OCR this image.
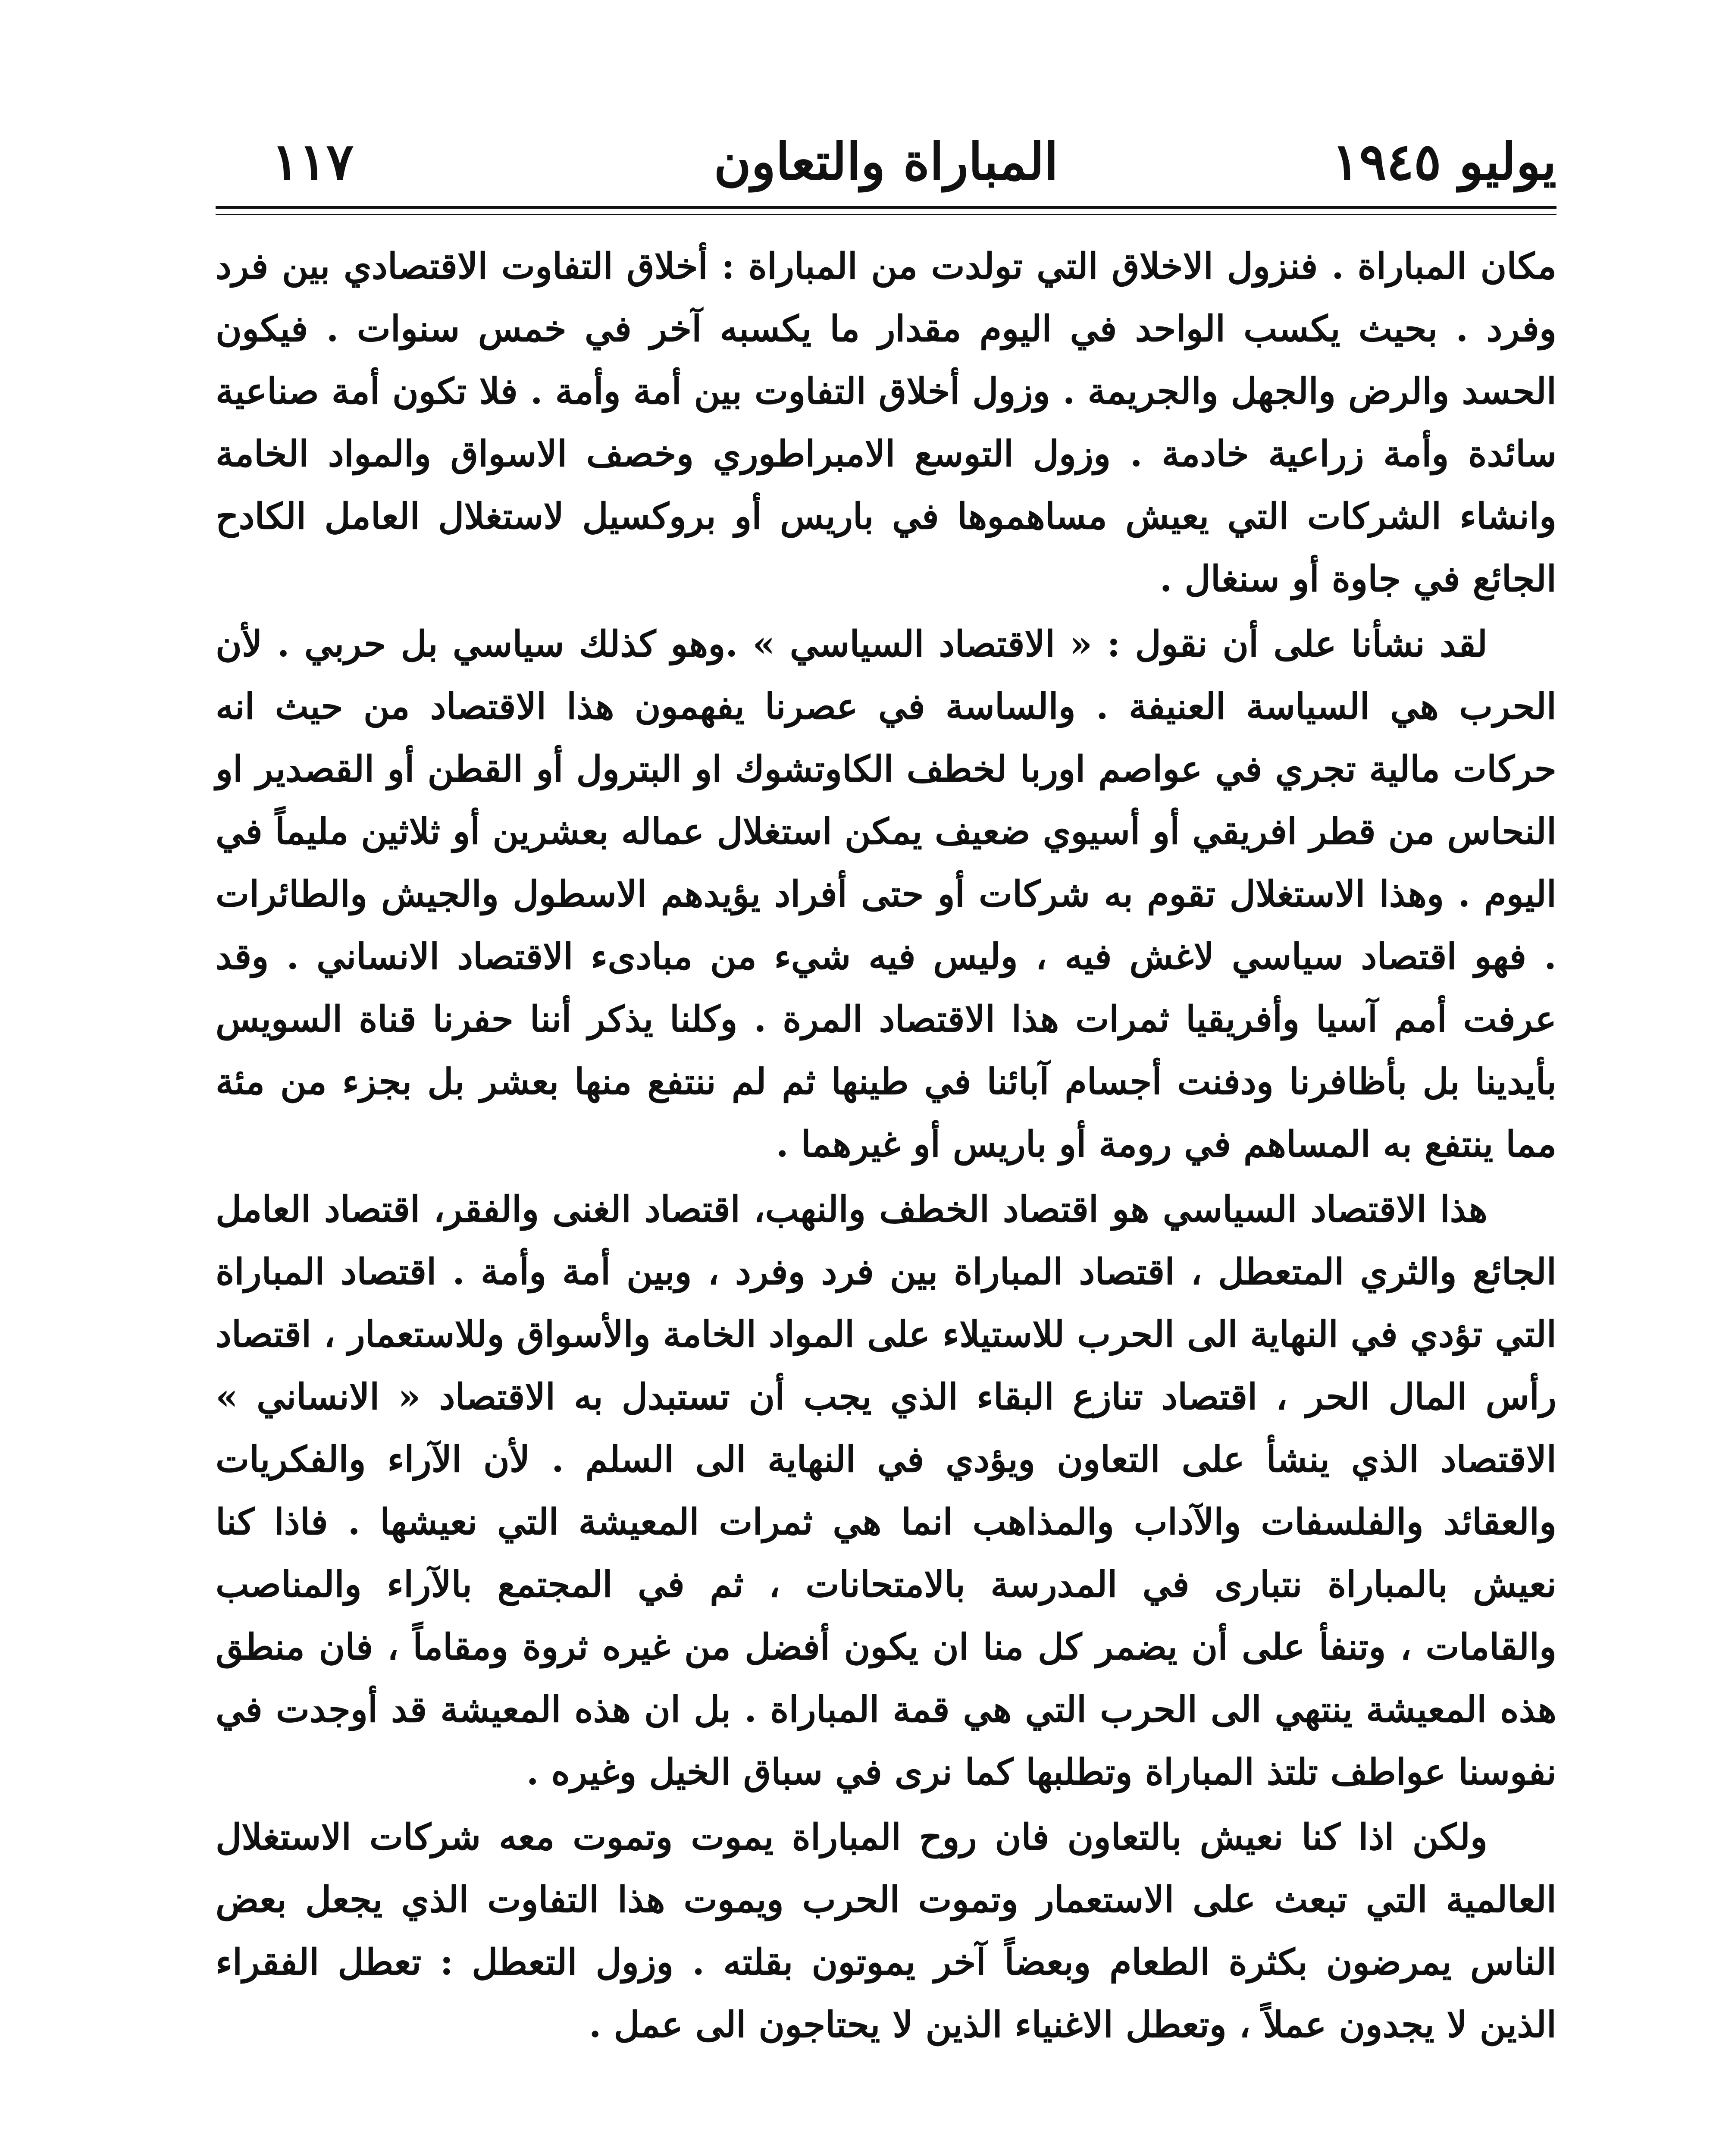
يوليو ١٩٤٥
المباراة والتعاون
١١٧

مكان المباراة . فنزول الاخلاق التي تولدت من المباراة : أخلاق التفاوت الاقتصادي بين فرد وفرد . بحيث يكسب الواحد في اليوم مقدار ما يكسبه آخر في خمس سنوات . فيكون الحسد والرض والجهل والجريمة . وزول أخلاق التفاوت بين أمة وأمة . فلا تكون أمة صناعية سائدة وأمة زراعية خادمة . وزول التوسع الامبراطوري وخصف الاسواق والمواد الخامة وانشاء الشركات التي يعيش مساهموها في باريس أو بروكسيل لاستغلال العامل الكادح الجائع في جاوة أو سنغال .

لقد نشأنا على أن نقول : « الاقتصاد السياسي » .وهو كذلك سياسي بل حربي . لأن الحرب هي السياسة العنيفة . والساسة في عصرنا يفهمون هذا الاقتصاد من حيث انه حركات مالية تجري في عواصم اوربا لخطف الكاوتشوك او البترول أو القطن أو القصدير او النحاس من قطر افريقي أو أسيوي ضعيف يمكن استغلال عماله بعشرين أو ثلاثين مليماً في اليوم . وهذا الاستغلال تقوم به شركات أو حتى أفراد يؤيدهم الاسطول والجيش والطائرات . فهو اقتصاد سياسي لاغش فيه ، وليس فيه شيء من مبادىء الاقتصاد الانساني . وقد عرفت أمم آسيا وأفريقيا ثمرات هذا الاقتصاد المرة . وكلنا يذكر أننا حفرنا قناة السويس بأيدينا بل بأظافرنا ودفنت أجسام آبائنا في طينها ثم لم ننتفع منها بعشر بل بجزء من مئة مما ينتفع به المساهم في رومة أو باريس أو غيرهما .

هذا الاقتصاد السياسي هو اقتصاد الخطف والنهب، اقتصاد الغنى والفقر، اقتصاد العامل الجائع والثري المتعطل ، اقتصاد المباراة بين فرد وفرد ، وبين أمة وأمة . اقتصاد المباراة التي تؤدي في النهاية الى الحرب للاستيلاء على المواد الخامة والأسواق وللاستعمار ، اقتصاد رأس المال الحر ، اقتصاد تنازع البقاء الذي يجب أن تستبدل به الاقتصاد « الانساني » الاقتصاد الذي ينشأ على التعاون ويؤدي في النهاية الى السلم . لأن الآراء والفكريات والعقائد والفلسفات والآداب والمذاهب انما هي ثمرات المعيشة التي نعيشها . فاذا كنا نعيش بالمباراة نتبارى في المدرسة بالامتحانات ، ثم في المجتمع بالآراء والمناصب والقامات ، وتنفأ على أن يضمر كل منا ان يكون أفضل من غيره ثروة ومقاماً ، فان منطق هذه المعيشة ينتهي الى الحرب التي هي قمة المباراة . بل ان هذه المعيشة قد أوجدت في نفوسنا عواطف تلتذ المباراة وتطلبها كما نرى في سباق الخيل وغيره .

ولكن اذا كنا نعيش بالتعاون فان روح المباراة يموت وتموت معه شركات الاستغلال العالمية التي تبعث على الاستعمار وتموت الحرب ويموت هذا التفاوت الذي يجعل بعض الناس يمرضون بكثرة الطعام وبعضاً آخر يموتون بقلته . وزول التعطل : تعطل الفقراء الذين لا يجدون عملاً ، وتعطل الاغنياء الذين لا يحتاجون الى عمل .
